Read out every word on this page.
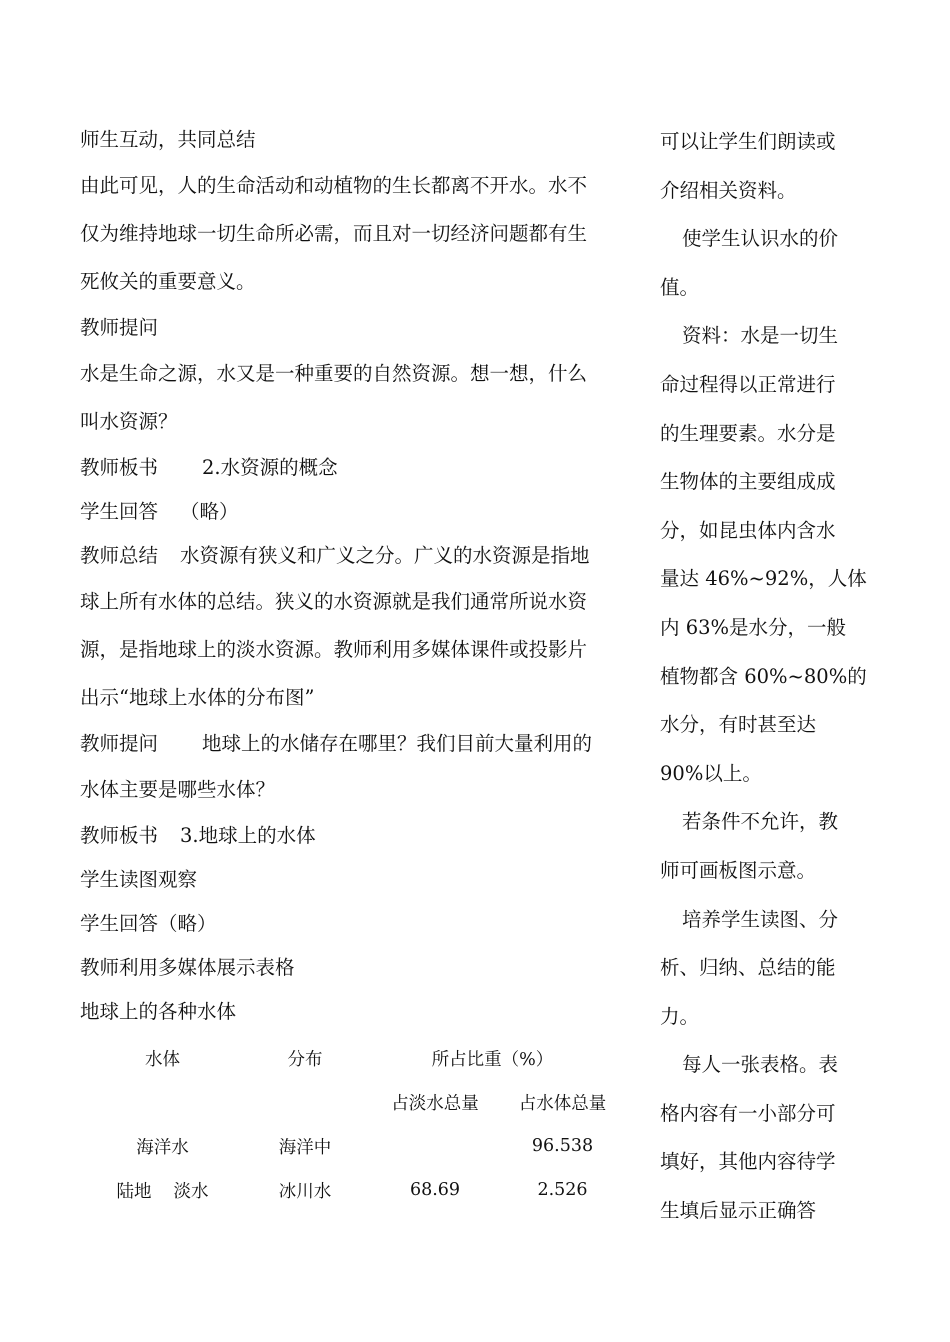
师生互动，共同总结
由此可见，人的生命活动和动植物的生长都离不开水。水不
仅为维持地球一切生命所必需，而且对一切经济问题都有生
死攸关的重要意义。
教师提问
水是生命之源，水又是一种重要的自然资源。想一想，什么
叫水资源？
教师板书 2.水资源的概念
学生回答 （略）
教师总结 水资源有狭义和广义之分。广义的水资源是指地
球上所有水体的总结。狭义的水资源就是我们通常所说水资
源，是指地球上的淡水资源。教师利用多媒体课件或投影片
出示“地球上水体的分布图”
教师提问 地球上的水储存在哪里？我们目前大量利用的
水体主要是哪些水体？
教师板书 3.地球上的水体
学生读图观察
学生回答（略）
教师利用多媒体展示表格
地球上的各种水体
水体	分布	所占比重（%）	
		占淡水总量	占水体总量
海洋水	海洋中		96.538
陆地 淡水	冰川水	68.69	2.526
可以让学生们朗读或
介绍相关资料。
使学生认识水的价
值。
资料：水是一切生
命过程得以正常进行
的生理要素。水分是
生物体的主要组成成
分，如昆虫体内含水
量达 46%~92%，人体
内 63%是水分，一般
植物都含 60%~80%的
水分，有时甚至达
90%以上。
若条件不允许，教
师可画板图示意。
培养学生读图、分
析、归纳、总结的能
力。
每人一张表格。表
格内容有一小部分可
填好，其他内容待学
生填后显示正确答
